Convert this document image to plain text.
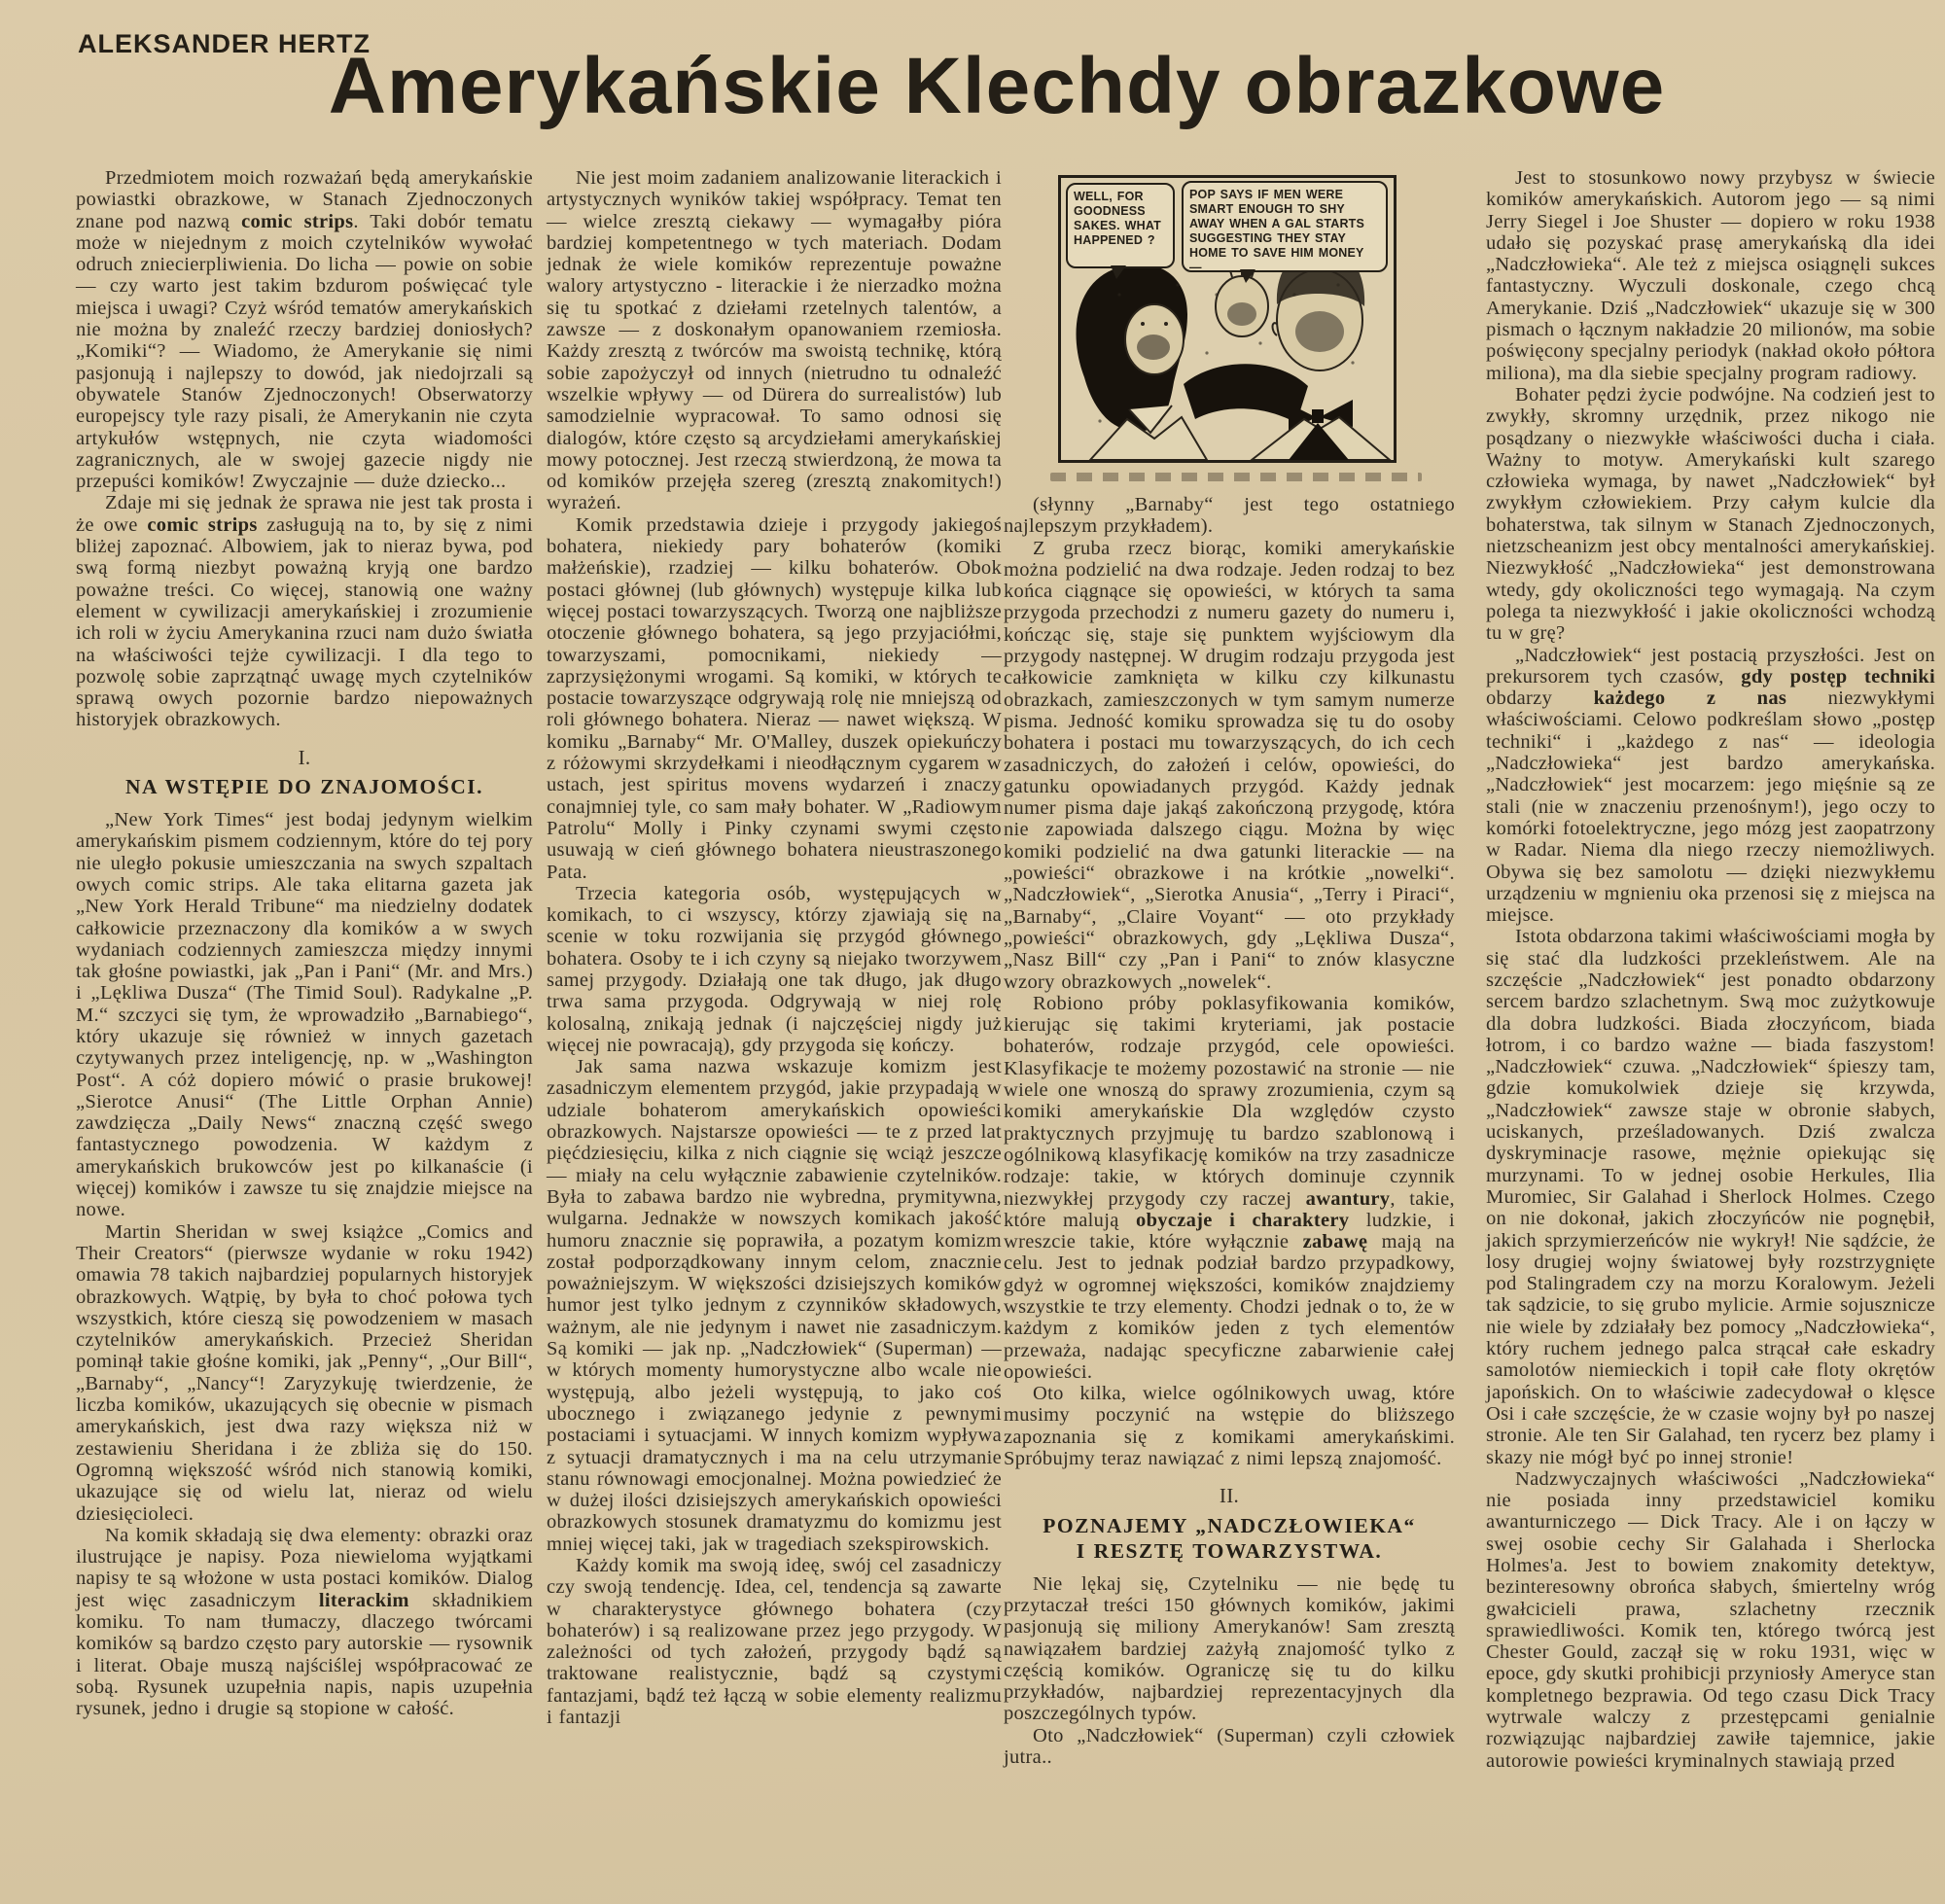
ALEKSANDER HERTZ
Amerykańskie Klechdy obrazkowe

Przedmiotem moich rozważań będą amerykańskie powiastki obrazkowe, w Stanach Zjednoczonych znane pod nazwą comic strips. Taki dobór tematu może w niejednym z moich czytelników wywołać odruch zniecierpliwienia. Do licha — powie on sobie — czy warto jest takim bzdurom poświęcać tyle miejsca i uwagi? Czyż wśród tematów amerykańskich nie można by znaleźć rzeczy bardziej doniosłych? „Komiki“? — Wiadomo, że Amerykanie się nimi pasjonują i najlepszy to dowód, jak niedojrzali są obywatele Stanów Zjednoczonych! Obserwatorzy europejscy tyle razy pisali, że Amerykanin nie czyta artykułów wstępnych, nie czyta wiadomości zagranicznych, ale w swojej gazecie nigdy nie przepuści komików! Zwyczajnie — duże dziecko...

Zdaje mi się jednak że sprawa nie jest tak prosta i że owe comic strips zasługują na to, by się z nimi bliżej zapoznać. Albowiem, jak to nieraz bywa, pod swą formą niezbyt poważną kryją one bardzo poważne treści. Co więcej, stanowią one ważny element w cywilizacji amerykańskiej i zrozumienie ich roli w życiu Amerykanina rzuci nam dużo światła na właściwości tejże cywilizacji. I dla tego to pozwolę sobie zaprzątnąć uwagę mych czytelników sprawą owych pozornie bardzo niepoważnych historyjek obrazkowych.

I.
NA WSTĘPIE DO ZNAJOMOŚCI.

„New York Times“ jest bodaj jedynym wielkim amerykańskim pismem codziennym, które do tej pory nie uległo pokusie umieszczania na swych szpaltach owych comic strips. Ale taka elitarna gazeta jak „New York Herald Tribune“ ma niedzielny dodatek całkowicie przeznaczony dla komików a w swych wydaniach codziennych zamieszcza między innymi tak głośne powiastki, jak „Pan i Pani“ (Mr. and Mrs.) i „Lękliwa Dusza“ (The Timid Soul). Radykalne „P. M.“ szczyci się tym, że wprowadziło „Barnabiego“, który ukazuje się również w innych gazetach czytywanych przez inteligencję, np. w „Washington Post“. A cóż dopiero mówić o prasie brukowej! „Sierotce Anusi“ (The Little Orphan Annie) zawdzięcza „Daily News“ znaczną część swego fantastycznego powodzenia. W każdym z amerykańskich brukowców jest po kilkanaście (i więcej) komików i zawsze tu się znajdzie miejsce na nowe.

Martin Sheridan w swej książce „Comics and Their Creators“ (pierwsze wydanie w roku 1942) omawia 78 takich najbardziej popularnych historyjek obrazkowych. Wątpię, by była to choć połowa tych wszystkich, które cieszą się powodzeniem w masach czytelników amerykańskich. Przecież Sheridan pominął takie głośne komiki, jak „Penny“, „Our Bill“, „Barnaby“, „Nancy“! Zaryzykuję twierdzenie, że liczba komików, ukazujących się obecnie w pismach amerykańskich, jest dwa razy większa niż w zestawieniu Sheridana i że zbliża się do 150. Ogromną większość wśród nich stanowią komiki, ukazujące się od wielu lat, nieraz od wielu dziesięcioleci.

Na komik składają się dwa elementy: obrazki oraz ilustrujące je napisy. Poza niewieloma wyjątkami napisy te są włożone w usta postaci komików. Dialog jest więc zasadniczym literackim składnikiem komiku. To nam tłumaczy, dlaczego twórcami komików są bardzo często pary autorskie — rysownik i literat. Obaje muszą najściślej współpracować ze sobą. Rysunek uzupełnia napis, napis uzupełnia rysunek, jedno i drugie są stopione w całość.

Nie jest moim zadaniem analizowanie literackich i artystycznych wyników takiej współpracy. Temat ten — wielce zresztą ciekawy — wymagałby pióra bardziej kompetentnego w tych materiach. Dodam jednak że wiele komików reprezentuje poważne walory artystyczno - literackie i że nierzadko można się tu spotkać z dziełami rzetelnych talentów, a zawsze — z doskonałym opanowaniem rzemiosła. Każdy zresztą z twórców ma swoistą technikę, którą sobie zapożyczył od innych (nietrudno tu odnaleźć wszelkie wpływy — od Dürera do surrealistów) lub samodzielnie wypracował. To samo odnosi się dialogów, które często są arcydziełami amerykańskiej mowy potocznej. Jest rzeczą stwierdzoną, że mowa ta od komików przejęła szereg (zresztą znakomitych!) wyrażeń.

Komik przedstawia dzieje i przygody jakiegoś bohatera, niekiedy pary bohaterów (komiki małżeńskie), rzadziej — kilku bohaterów. Obok postaci głównej (lub głównych) występuje kilka lub więcej postaci towarzyszących. Tworzą one najbliższe otoczenie głównego bohatera, są jego przyjaciółmi, towarzyszami, pomocnikami, niekiedy — zaprzysiężonymi wrogami. Są komiki, w których te postacie towarzyszące odgrywają rolę nie mniejszą od roli głównego bohatera. Nieraz — nawet większą. W komiku „Barnaby“ Mr. O'Malley, duszek opiekuńczy z różowymi skrzydełkami i nieodłącznym cygarem w ustach, jest spiritus movens wydarzeń i znaczy conajmniej tyle, co sam mały bohater. W „Radiowym Patrolu“ Molly i Pinky czynami swymi często usuwają w cień głównego bohatera nieustraszonego Pata.

Trzecia kategoria osób, występujących w komikach, to ci wszyscy, którzy zjawiają się na scenie w toku rozwijania się przygód głównego bohatera. Osoby te i ich czyny są niejako tworzywem samej przygody. Działają one tak długo, jak długo trwa sama przygoda. Odgrywają w niej rolę kolosalną, znikają jednak (i najczęściej nigdy już więcej nie powracają), gdy przygoda się kończy.

Jak sama nazwa wskazuje komizm jest zasadniczym elementem przygód, jakie przypadają w udziale bohaterom amerykańskich opowieści obrazkowych. Najstarsze opowieści — te z przed lat pięćdziesięciu, kilka z nich ciągnie się wciąż jeszcze — miały na celu wyłącznie zabawienie czytelników. Była to zabawa bardzo nie wybredna, prymitywna, wulgarna. Jednakże w nowszych komikach jakość humoru znacznie się poprawiła, a pozatym komizm został podporządkowany innym celom, znacznie poważniejszym. W większości dzisiejszych komików humor jest tylko jednym z czynników składowych, ważnym, ale nie jedynym i nawet nie zasadniczym. Są komiki — jak np. „Nadczłowiek“ (Superman) — w których momenty humorystyczne albo wcale nie występują, albo jeżeli występują, to jako coś ubocznego i związanego jedynie z pewnymi postaciami i sytuacjami. W innych komizm wypływa z sytuacji dramatycznych i ma na celu utrzymanie stanu równowagi emocjonalnej. Można powiedzieć że w dużej ilości dzisiejszych amerykańskich opowieści obrazkowych stosunek dramatyzmu do komizmu jest mniej więcej taki, jak w tragediach szekspirowskich.

Każdy komik ma swoją ideę, swój cel zasadniczy czy swoją tendencję. Idea, cel, tendencja są zawarte w charakterystyce głównego bohatera (czy bohaterów) i są realizowane przez jego przygody. W zależności od tych założeń, przygody bądź są traktowane realistycznie, bądź są czystymi fantazjami, bądź też łączą w sobie elementy realizmu i fantazji

WELL, FOR GOODNESS SAKES. WHAT HAPPENED ?
POP SAYS IF MEN WERE SMART ENOUGH TO SHY AWAY WHEN A GAL STARTS SUGGESTING THEY STAY HOME TO SAVE HIM MONEY —

(słynny „Barnaby“ jest tego ostatniego najlepszym przykładem).

Z gruba rzecz biorąc, komiki amerykańskie można podzielić na dwa rodzaje. Jeden rodzaj to bez końca ciągnące się opowieści, w których ta sama przygoda przechodzi z numeru gazety do numeru i, kończąc się, staje się punktem wyjściowym dla przygody następnej. W drugim rodzaju przygoda jest całkowicie zamknięta w kilku czy kilkunastu obrazkach, zamieszczonych w tym samym numerze pisma. Jedność komiku sprowadza się tu do osoby bohatera i postaci mu towarzyszących, do ich cech zasadniczych, do założeń i celów, opowieści, do gatunku opowiadanych przygód. Każdy jednak numer pisma daje jakąś zakończoną przygodę, która nie zapowiada dalszego ciągu. Można by więc komiki podzielić na dwa gatunki literackie — na „powieści“ obrazkowe i na krótkie „nowelki“. „Nadczłowiek“, „Sierotka Anusia“, „Terry i Piraci“, „Barnaby“, „Claire Voyant“ — oto przykłady „powieści“ obrazkowych, gdy „Lękliwa Dusza“, „Nasz Bill“ czy „Pan i Pani“ to znów klasyczne wzory obrazkowych „nowelek“.

Robiono próby poklasyfikowania komików, kierując się takimi kryteriami, jak postacie bohaterów, rodzaje przygód, cele opowieści. Klasyfikacje te możemy pozostawić na stronie — nie wiele one wnoszą do sprawy zrozumienia, czym są komiki amerykańskie Dla względów czysto praktycznych przyjmuję tu bardzo szablonową i ogólnikową klasyfikację komików na trzy zasadnicze rodzaje: takie, w których dominuje czynnik niezwykłej przygody czy raczej awantury, takie, które malują obyczaje i charaktery ludzkie, i wreszcie takie, które wyłącznie zabawę mają na celu. Jest to jednak podział bardzo przypadkowy, gdyż w ogromnej większości, komików znajdziemy wszystkie te trzy elementy. Chodzi jednak o to, że w każdym z komików jeden z tych elementów przeważa, nadając specyficzne zabarwienie całej opowieści.

Oto kilka, wielce ogólnikowych uwag, które musimy poczynić na wstępie do bliższego zapoznania się z komikami amerykańskimi. Spróbujmy teraz nawiązać z nimi lepszą znajomość.

II.
POZNAJEMY „NADCZŁOWIEKA“
I RESZTĘ TOWARZYSTWA.

Nie lękaj się, Czytelniku — nie będę tu przytaczał treści 150 głównych komików, jakimi pasjonują się miliony Amerykanów! Sam zresztą nawiązałem bardziej zażyłą znajomość tylko z częścią komików. Ograniczę się tu do kilku przykładów, najbardziej reprezentacyjnych dla poszczególnych typów.

Oto „Nadczłowiek“ (Superman) czyli człowiek jutra..

Jest to stosunkowo nowy przybysz w świecie komików amerykańskich. Autorom jego — są nimi Jerry Siegel i Joe Shuster — dopiero w roku 1938 udało się pozyskać prasę amerykańską dla idei „Nadczłowieka“. Ale też z miejsca osiągnęli sukces fantastyczny. Wyczuli doskonale, czego chcą Amerykanie. Dziś „Nadczłowiek“ ukazuje się w 300 pismach o łącznym nakładzie 20 milionów, ma sobie poświęcony specjalny periodyk (nakład około półtora miliona), ma dla siebie specjalny program radiowy.

Bohater pędzi życie podwójne. Na codzień jest to zwykły, skromny urzędnik, przez nikogo nie posądzany o niezwykłe właściwości ducha i ciała. Ważny to motyw. Amerykański kult szarego człowieka wymaga, by nawet „Nadczłowiek“ był zwykłym człowiekiem. Przy całym kulcie dla bohaterstwa, tak silnym w Stanach Zjednoczonych, nietzscheanizm jest obcy mentalności amerykańskiej. Niezwykłość „Nadczłowieka“ jest demonstrowana wtedy, gdy okoliczności tego wymagają. Na czym polega ta niezwykłość i jakie okoliczności wchodzą tu w grę?

„Nadczłowiek“ jest postacią przyszłości. Jest on prekursorem tych czasów, gdy postęp techniki obdarzy każdego z nas niezwykłymi właściwościami. Celowo podkreślam słowo „postęp techniki“ i „każdego z nas“ — ideologia „Nadczłowieka“ jest bardzo amerykańska. „Nadczłowiek“ jest mocarzem: jego mięśnie są ze stali (nie w znaczeniu przenośnym!), jego oczy to komórki fotoelektryczne, jego mózg jest zaopatrzony w Radar. Niema dla niego rzeczy niemożliwych. Obywa się bez samolotu — dzięki niezwykłemu urządzeniu w mgnieniu oka przenosi się z miejsca na miejsce.

Istota obdarzona takimi właściwościami mogła by się stać dla ludzkości przekleństwem. Ale na szczęście „Nadczłowiek“ jest ponadto obdarzony sercem bardzo szlachetnym. Swą moc zużytkowuje dla dobra ludzkości. Biada złoczyńcom, biada łotrom, i co bardzo ważne — biada faszystom! „Nadczłowiek“ czuwa. „Nadczłowiek“ śpieszy tam, gdzie komukolwiek dzieje się krzywda, „Nadczłowiek“ zawsze staje w obronie słabych, uciskanych, prześladowanych. Dziś zwalcza dyskryminacje rasowe, mężnie opiekując się murzynami. To w jednej osobie Herkules, Ilia Muromiec, Sir Galahad i Sherlock Holmes. Czego on nie dokonał, jakich złoczyńców nie pognębił, jakich sprzymierzeńców nie wykrył! Nie sądźcie, że losy drugiej wojny światowej były rozstrzygnięte pod Stalingradem czy na morzu Koralowym. Jeżeli tak sądzicie, to się grubo mylicie. Armie sojusznicze nie wiele by zdziałały bez pomocy „Nadczłowieka“, który ruchem jednego palca strącał całe eskadry samolotów niemieckich i topił całe floty okrętów japońskich. On to właściwie zadecydował o klęsce Osi i całe szczęście, że w czasie wojny był po naszej stronie. Ale ten Sir Galahad, ten rycerz bez plamy i skazy nie mógł być po innej stronie!

Nadzwyczajnych właściwości „Nadczłowieka“ nie posiada inny przedstawiciel komiku awanturniczego — Dick Tracy. Ale i on łączy w swej osobie cechy Sir Galahada i Sherlocka Holmes'a. Jest to bowiem znakomity detektyw, bezinteresowny obrońca słabych, śmiertelny wróg gwałcicieli prawa, szlachetny rzecznik sprawiedliwości. Komik ten, którego twórcą jest Chester Gould, zaczął się w roku 1931, więc w epoce, gdy skutki prohibicji przyniosły Ameryce stan kompletnego bezprawia. Od tego czasu Dick Tracy wytrwale walczy z przestępcami genialnie rozwiązując najbardziej zawiłe tajemnice, jakie autorowie powieści kryminalnych stawiają przed
